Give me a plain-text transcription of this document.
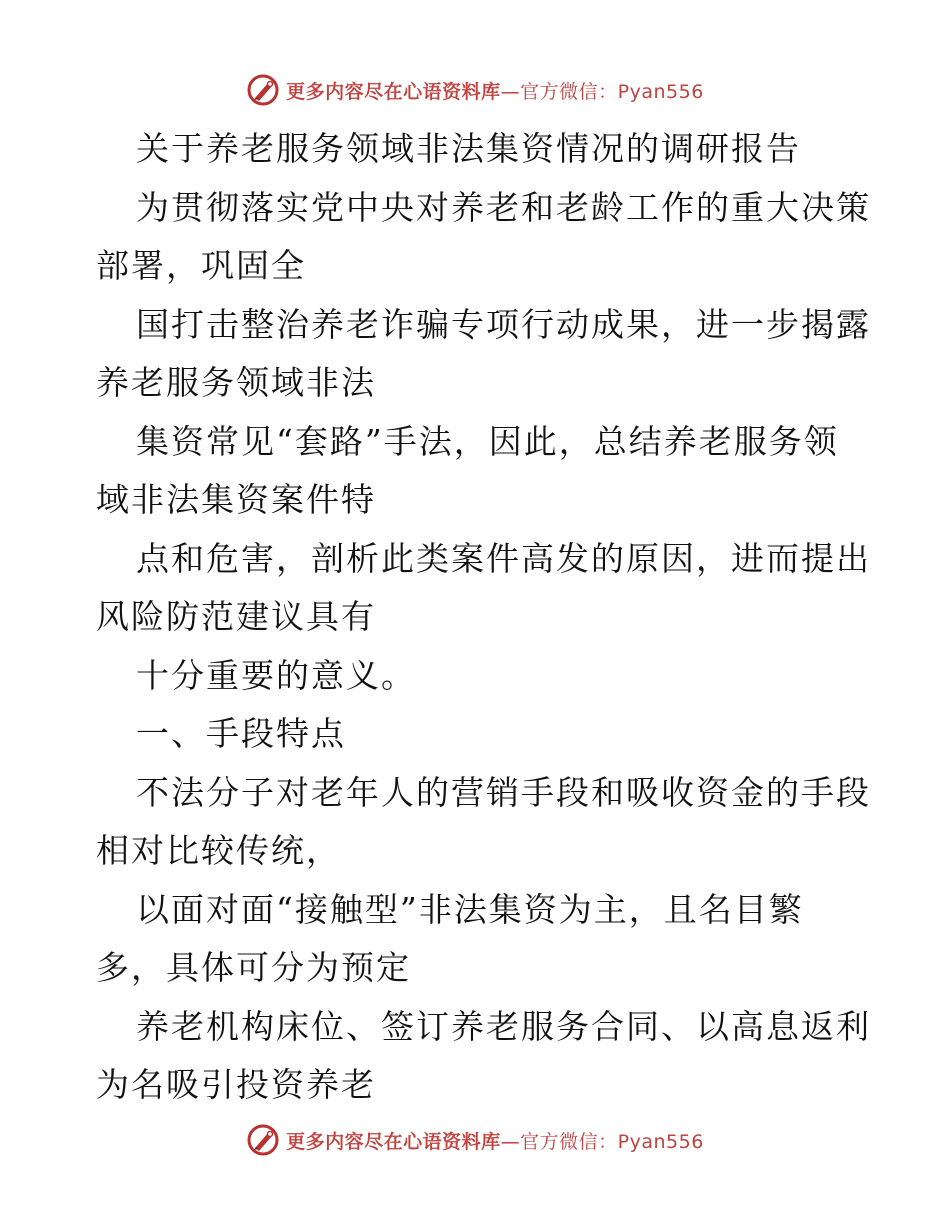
更多内容尽在心语资料库—官方微信：Pyan556
关于养老服务领域非法集资情况的调研报告
为贯彻落实党中央对养老和老龄工作的重大决策
部署，巩固全
国打击整治养老诈骗专项行动成果，进一步揭露
养老服务领域非法
集资常见“套路”手法，因此，总结养老服务领
域非法集资案件特
点和危害，剖析此类案件高发的原因，进而提出
风险防范建议具有
十分重要的意义。
一、手段特点
不法分子对老年人的营销手段和吸收资金的手段
相对比较传统，
以面对面“接触型”非法集资为主，且名目繁
多，具体可分为预定
养老机构床位、签订养老服务合同、以高息返利
为名吸引投资养老
更多内容尽在心语资料库—官方微信：Pyan556
